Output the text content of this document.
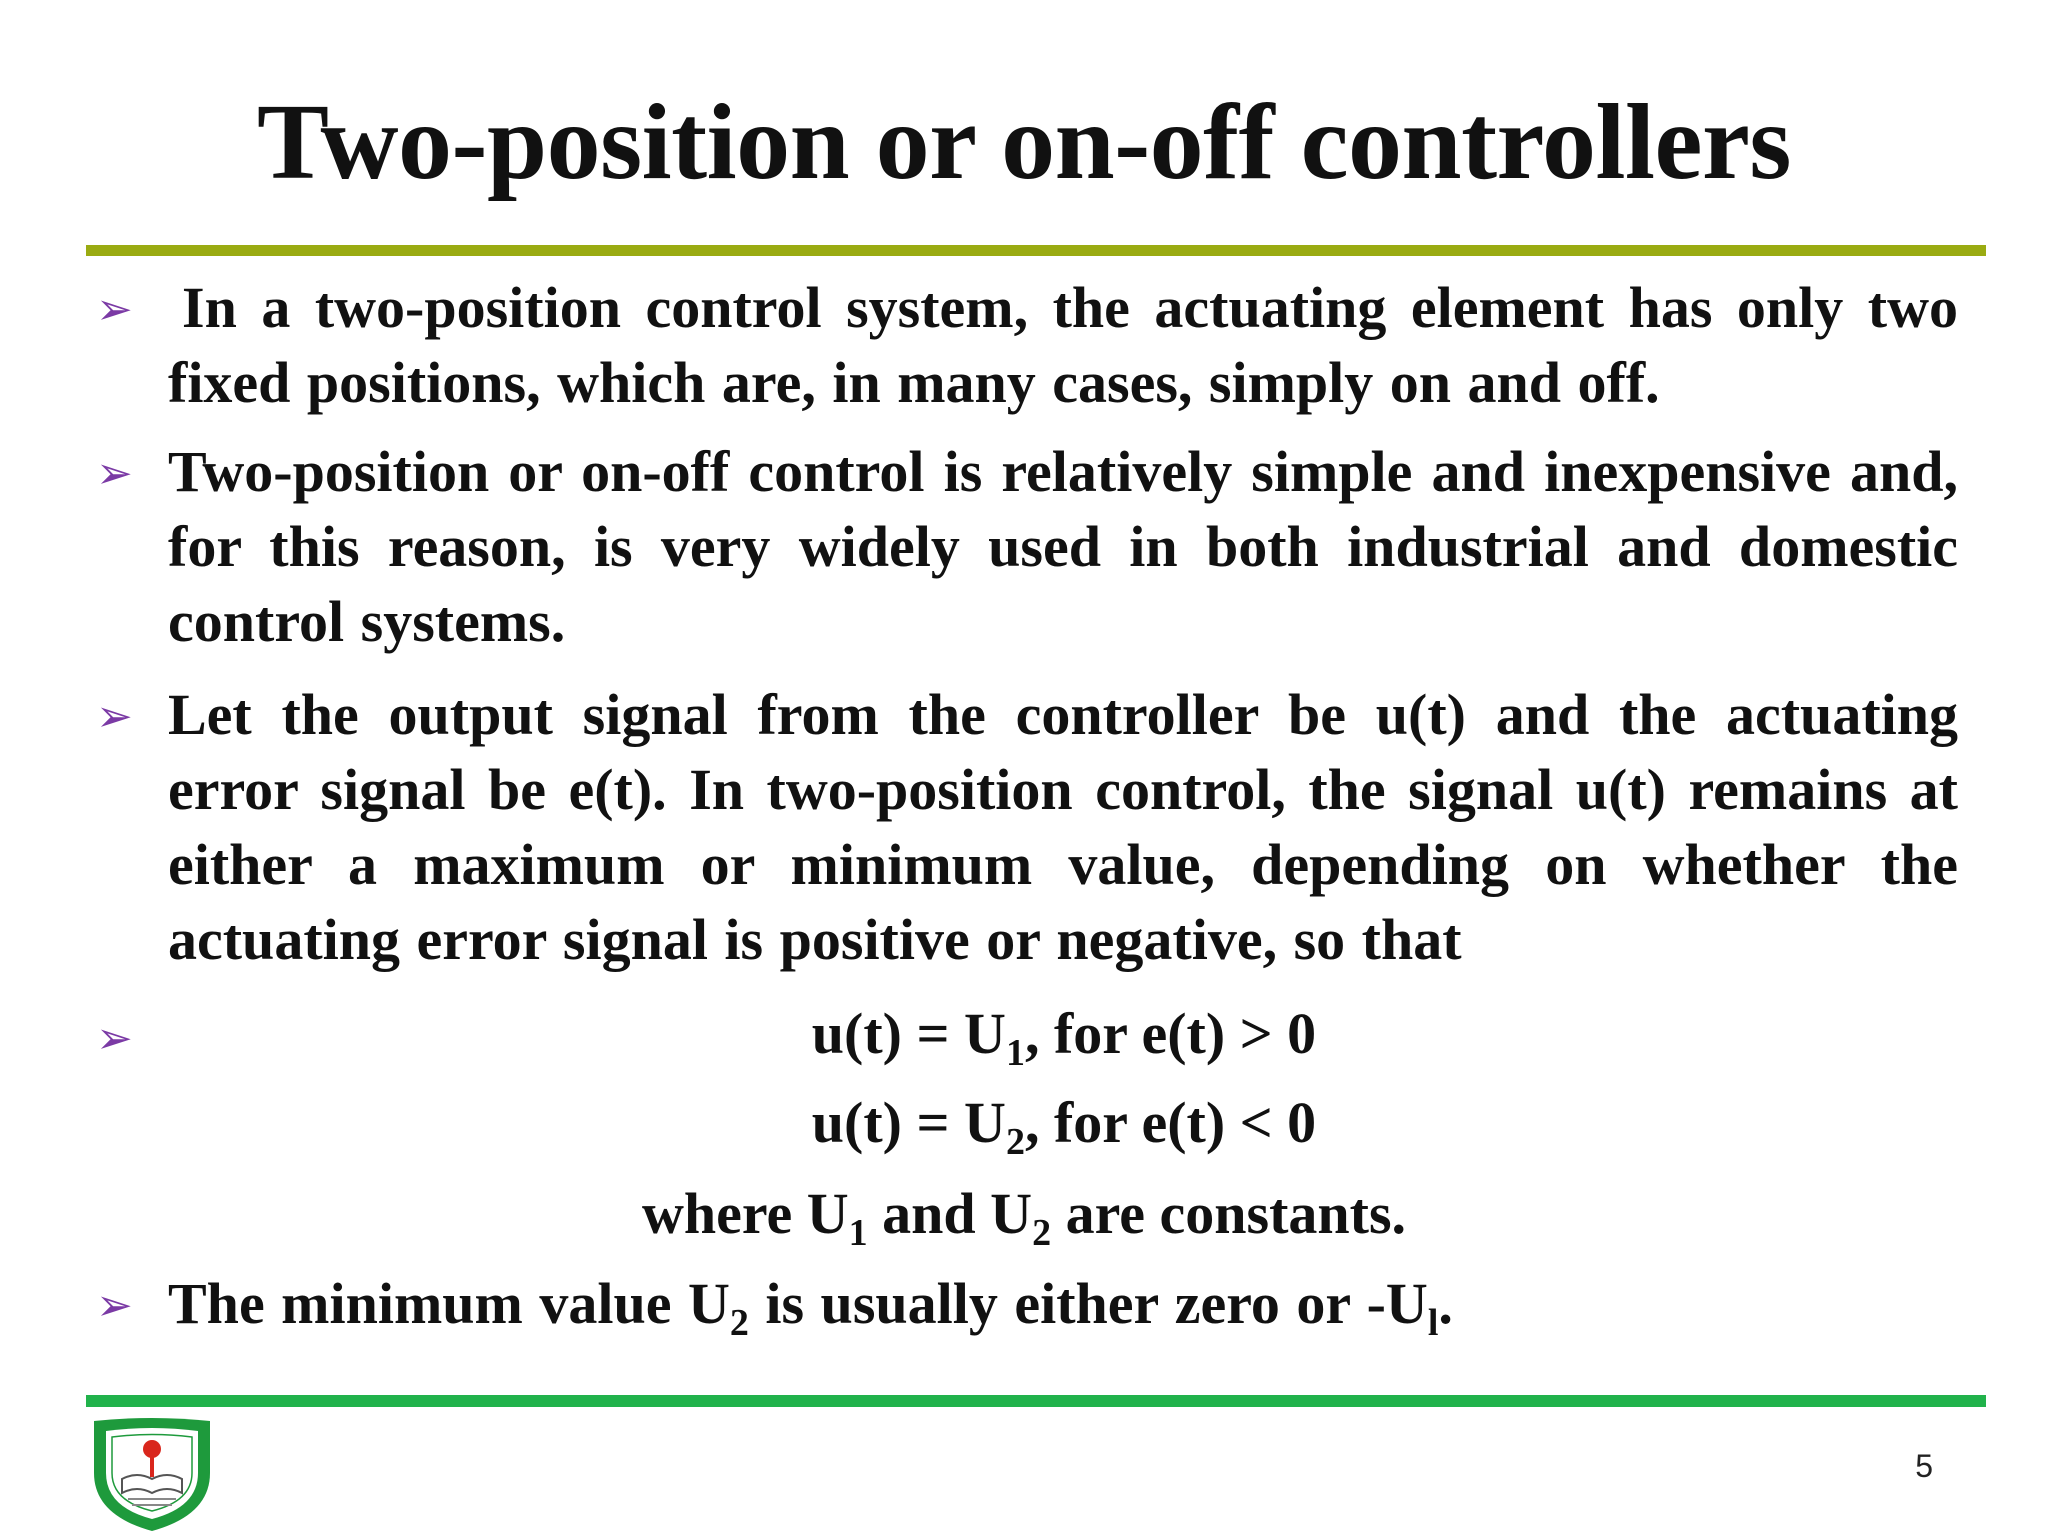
Two-position or on-off controllers
➢ In a two-position control system, the actuating element has only two fixed positions, which are, in many cases, simply on and off.
➢ Two-position or on-off control is relatively simple and inexpensive and, for this reason, is very widely used in both industrial and domestic control systems.
➢ Let the output signal from the controller be u(t) and the actuating error signal be e(t). In two-position control, the signal u(t) remains at either a maximum or minimum value, depending on whether the actuating error signal is positive or negative, so that
➢	$u(t) = U_1$, for e(t) > 0
$u(t) = U_2$, for e(t) < 0
where $U_1$ and $U_2$ are constants.
➢ The minimum value $U_2$ is usually either zero or $-U_l$.
5
